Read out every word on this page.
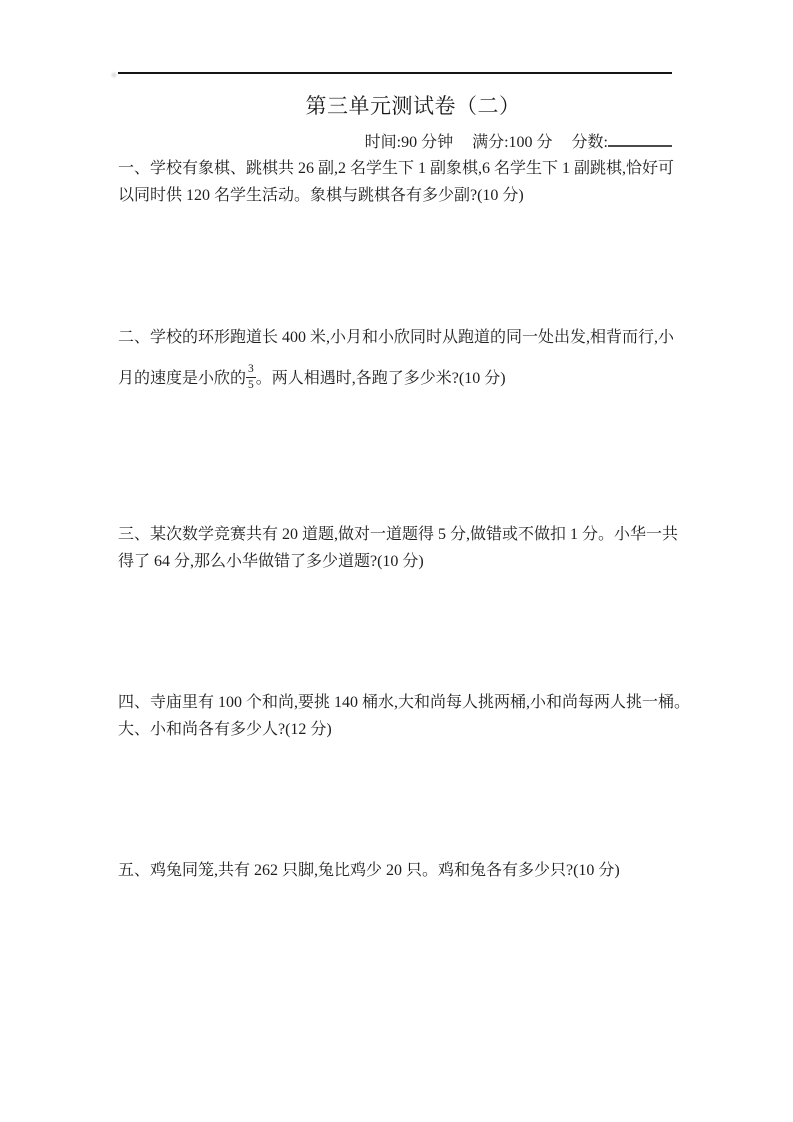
第三单元测试卷（二）
时间:90 分钟 满分:100 分 分数:
一、学校有象棋、跳棋共 26 副,2 名学生下 1 副象棋,6 名学生下 1 副跳棋,恰好可
以同时供 120 名学生活动。象棋与跳棋各有多少副?(10 分)
二、学校的环形跑道长 400 米,小月和小欣同时从跑道的同一处出发,相背而行,小
月的速度是小欣的 $\frac{3}{5}$ 。两人相遇时,各跑了多少米?(10 分)
三、某次数学竞赛共有 20 道题,做对一道题得 5 分,做错或不做扣 1 分。小华一共
得了 64 分,那么小华做错了多少道题?(10 分)
四、寺庙里有 100 个和尚,要挑 140 桶水,大和尚每人挑两桶,小和尚每两人挑一桶。
大、小和尚各有多少人?(12 分)
五、鸡兔同笼,共有 262 只脚,兔比鸡少 20 只。鸡和兔各有多少只?(10 分)
